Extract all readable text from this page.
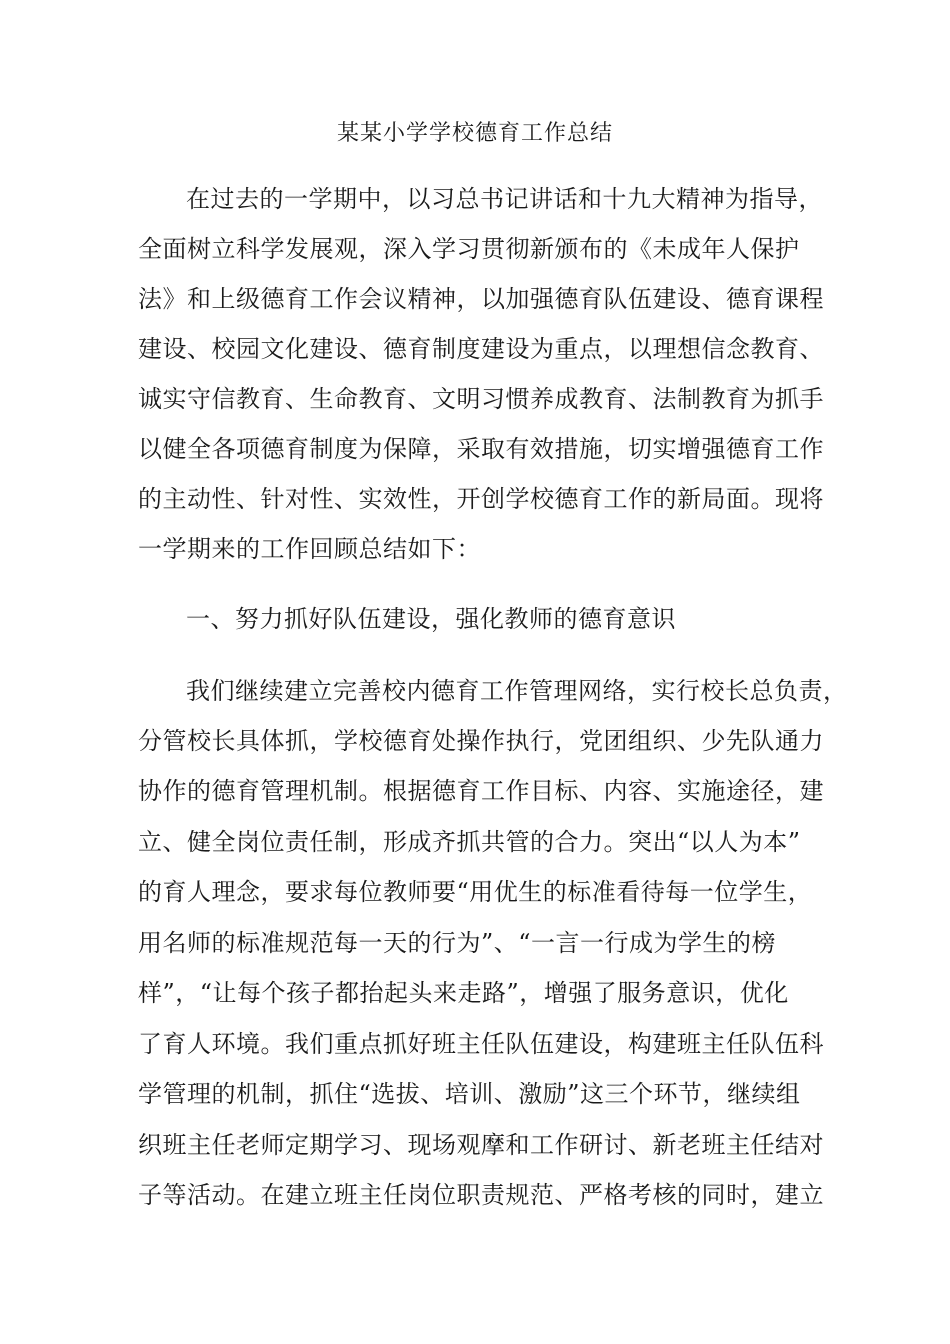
某某小学学校德育工作总结
在过去的一学期中，以习总书记讲话和十九大精神为指导，
全面树立科学发展观，深入学习贯彻新颁布的《未成年人保护
法》和上级德育工作会议精神，以加强德育队伍建设、德育课程
建设、校园文化建设、德育制度建设为重点，以理想信念教育、
诚实守信教育、生命教育、文明习惯养成教育、法制教育为抓手
以健全各项德育制度为保障，采取有效措施，切实增强德育工作
的主动性、针对性、实效性，开创学校德育工作的新局面。现将
一学期来的工作回顾总结如下：
一、努力抓好队伍建设，强化教师的德育意识
我们继续建立完善校内德育工作管理网络，实行校长总负责，
分管校长具体抓，学校德育处操作执行，党团组织、少先队通力
协作的德育管理机制。根据德育工作目标、内容、实施途径，建
立、健全岗位责任制，形成齐抓共管的合力。突出“以人为本”
的育人理念，要求每位教师要“用优生的标准看待每一位学生，
用名师的标准规范每一天的行为”、“一言一行成为学生的榜
样”，“让每个孩子都抬起头来走路”，增强了服务意识，优化
了育人环境。我们重点抓好班主任队伍建设，构建班主任队伍科
学管理的机制，抓住“选拔、培训、激励”这三个环节，继续组
织班主任老师定期学习、现场观摩和工作研讨、新老班主任结对
子等活动。在建立班主任岗位职责规范、严格考核的同时，建立
